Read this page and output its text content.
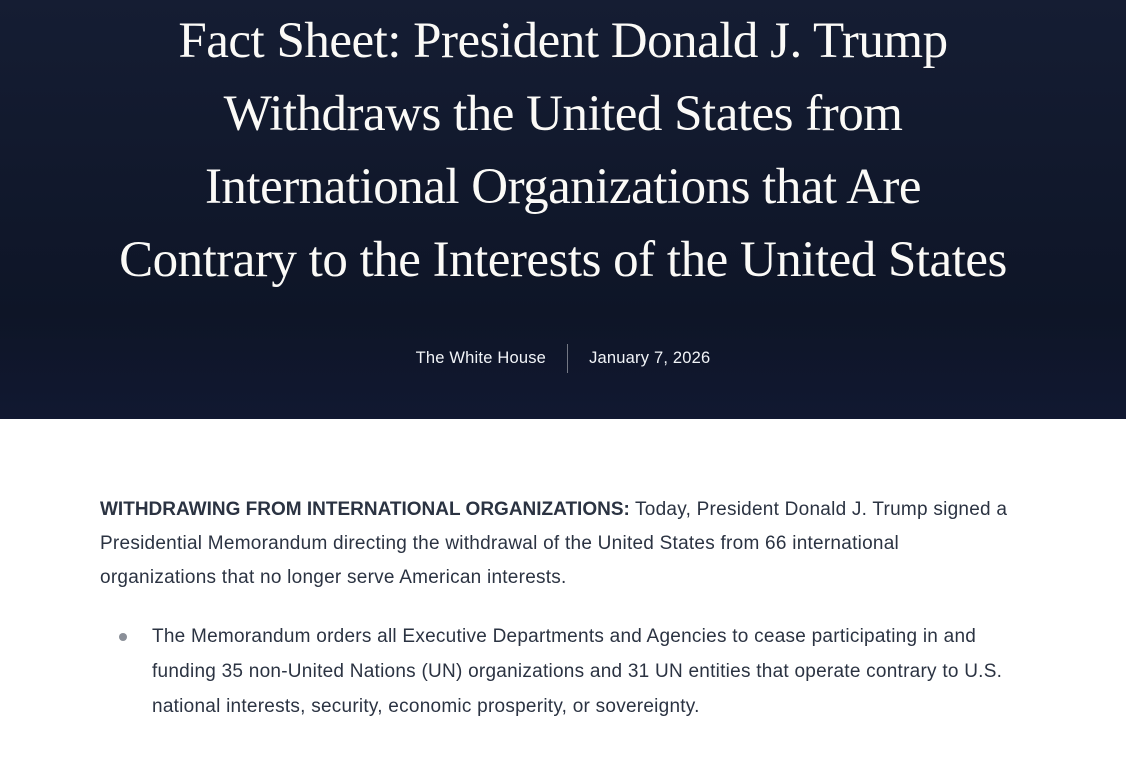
Fact Sheet: President Donald J. Trump
Withdraws the United States from
International Organizations that Are
Contrary to the Interests of the United States
The White House	January 7, 2026

WITHDRAWING FROM INTERNATIONAL ORGANIZATIONS: Today, President Donald J. Trump signed a Presidential Memorandum directing the withdrawal of the United States from 66 international organizations that no longer serve American interests.

The Memorandum orders all Executive Departments and Agencies to cease participating in and funding 35 non-United Nations (UN) organizations and 31 UN entities that operate contrary to U.S. national interests, security, economic prosperity, or sovereignty.
